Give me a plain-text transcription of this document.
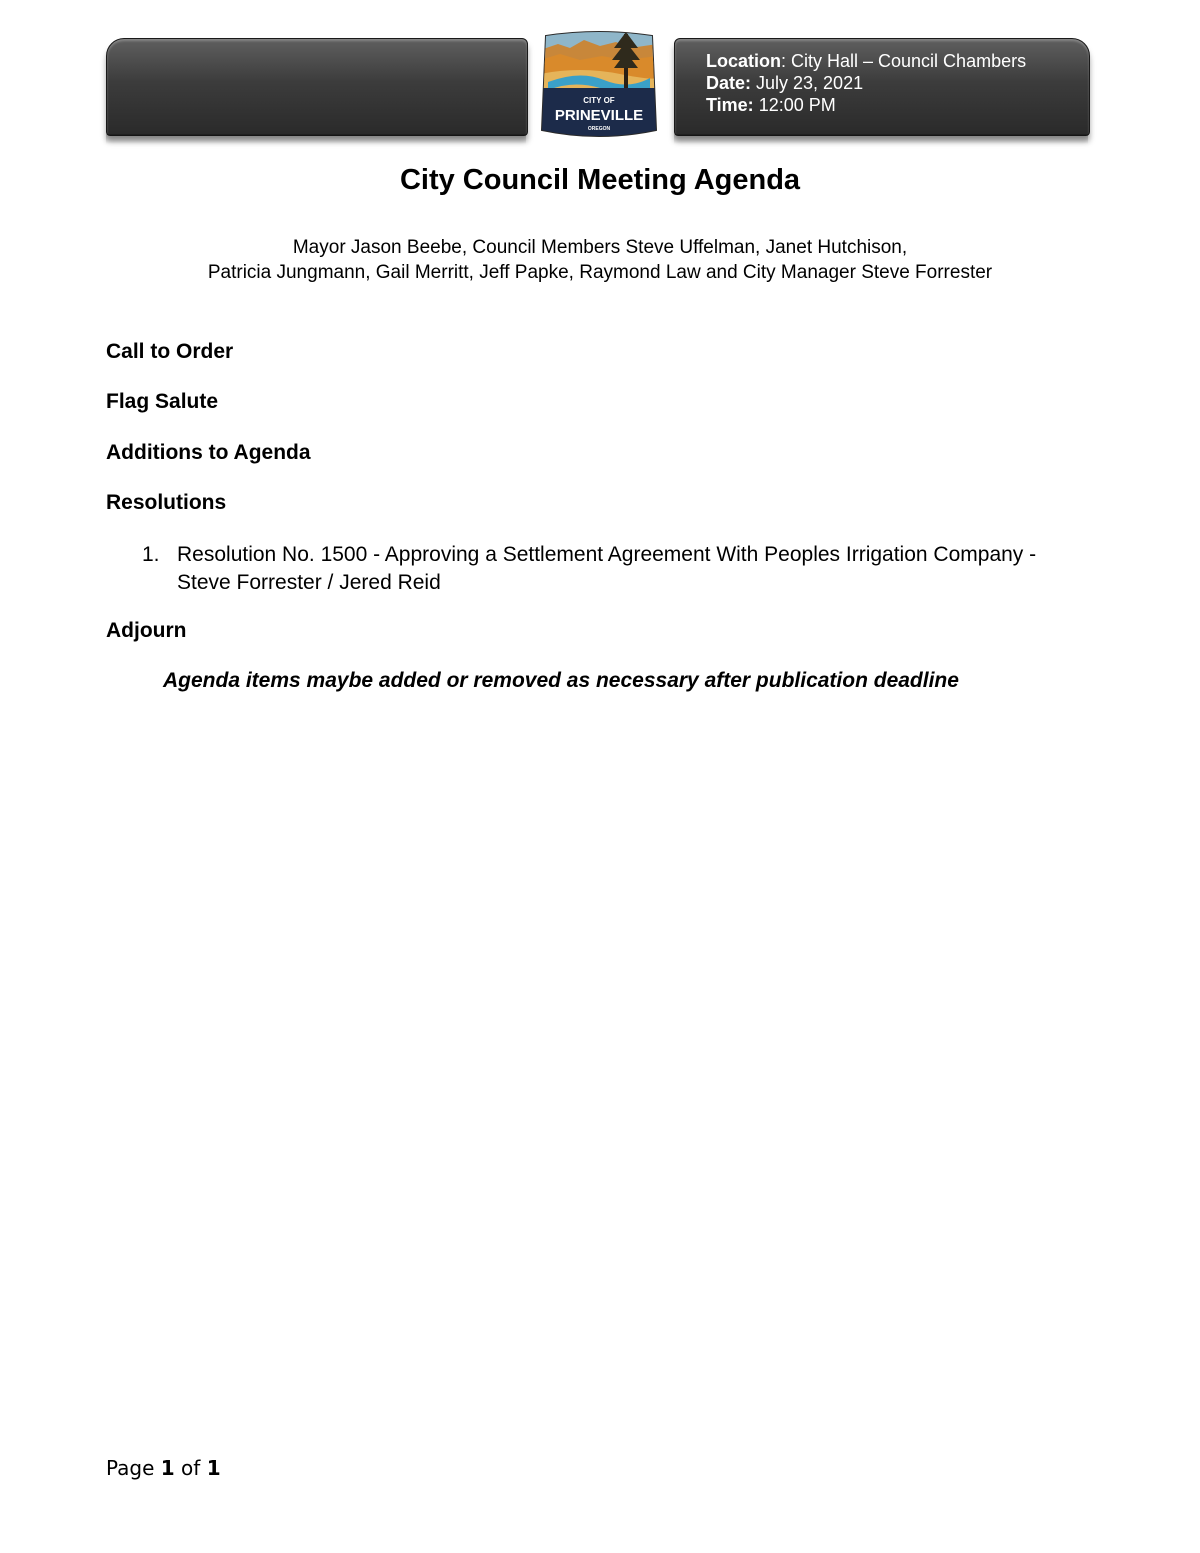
Location: City Hall – Council Chambers
Date: July 23, 2021
Time: 12:00 PM
CITY OF
PRINEVILLE
OREGON
City Council Meeting Agenda
Mayor Jason Beebe, Council Members Steve Uffelman, Janet Hutchison,
Patricia Jungmann, Gail Merritt, Jeff Papke, Raymond Law and City Manager Steve Forrester
Call to Order
Flag Salute
Additions to Agenda
Resolutions
1. Resolution No. 1500 - Approving a Settlement Agreement With Peoples Irrigation Company - Steve Forrester / Jered Reid
Adjourn
Agenda items maybe added or removed as necessary after publication deadline
Page 1 of 1
